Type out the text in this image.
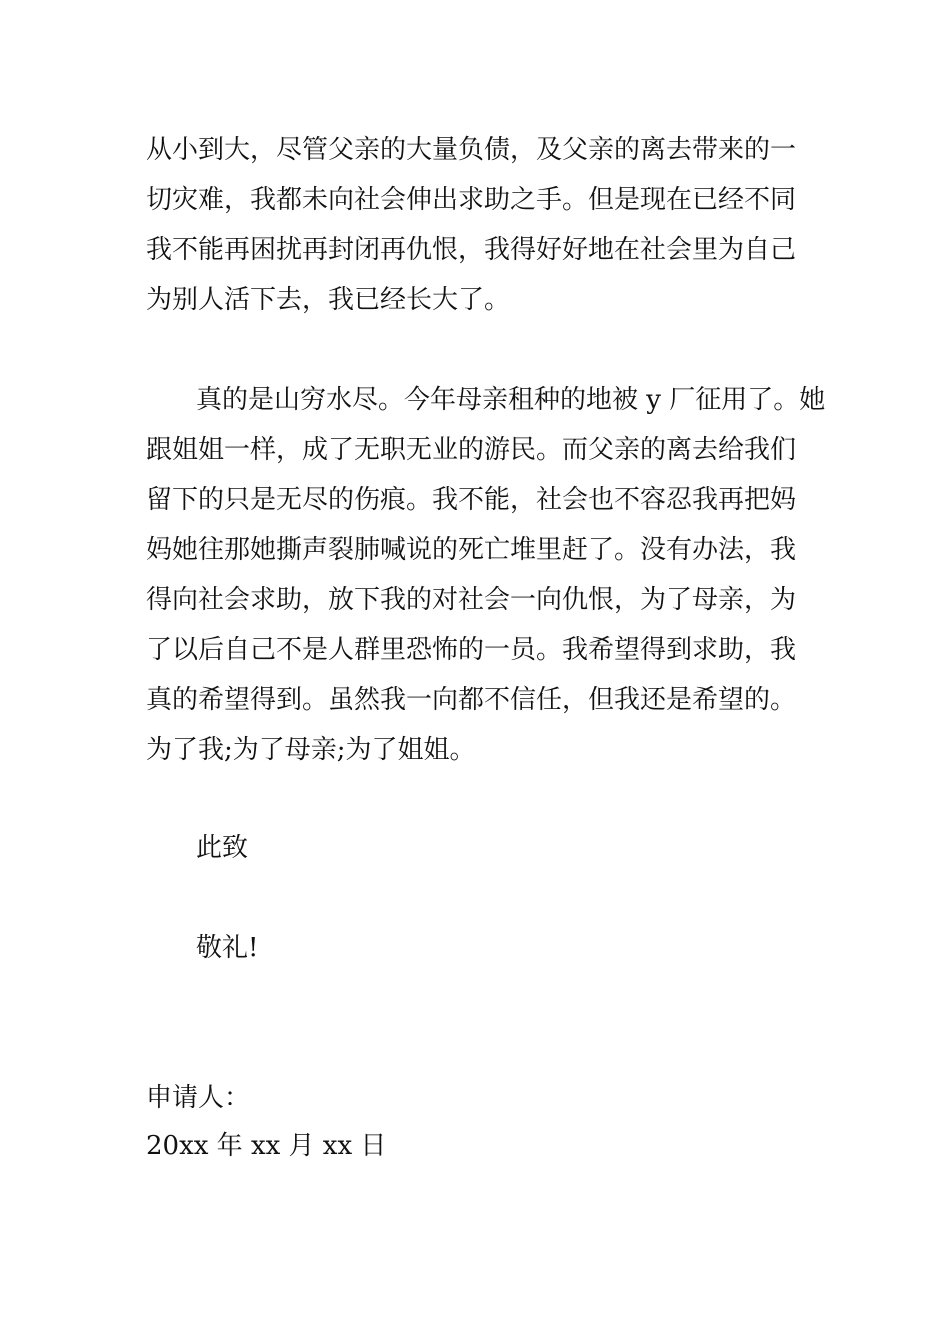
从小到大，尽管父亲的大量负债，及父亲的离去带来的一
切灾难，我都未向社会伸出求助之手。但是现在已经不同
我不能再困扰再封闭再仇恨，我得好好地在社会里为自己
为别人活下去，我已经长大了。
真的是山穷水尽。今年母亲租种的地被 y 厂征用了。她
跟姐姐一样，成了无职无业的游民。而父亲的离去给我们
留下的只是无尽的伤痕。我不能，社会也不容忍我再把妈
妈她往那她撕声裂肺喊说的死亡堆里赶了。没有办法，我
得向社会求助，放下我的对社会一向仇恨，为了母亲，为
了以后自己不是人群里恐怖的一员。我希望得到求助，我
真的希望得到。虽然我一向都不信任，但我还是希望的。
为了我;为了母亲;为了姐姐。
此致
敬礼!
申请人：
20xx 年 xx 月 xx 日
